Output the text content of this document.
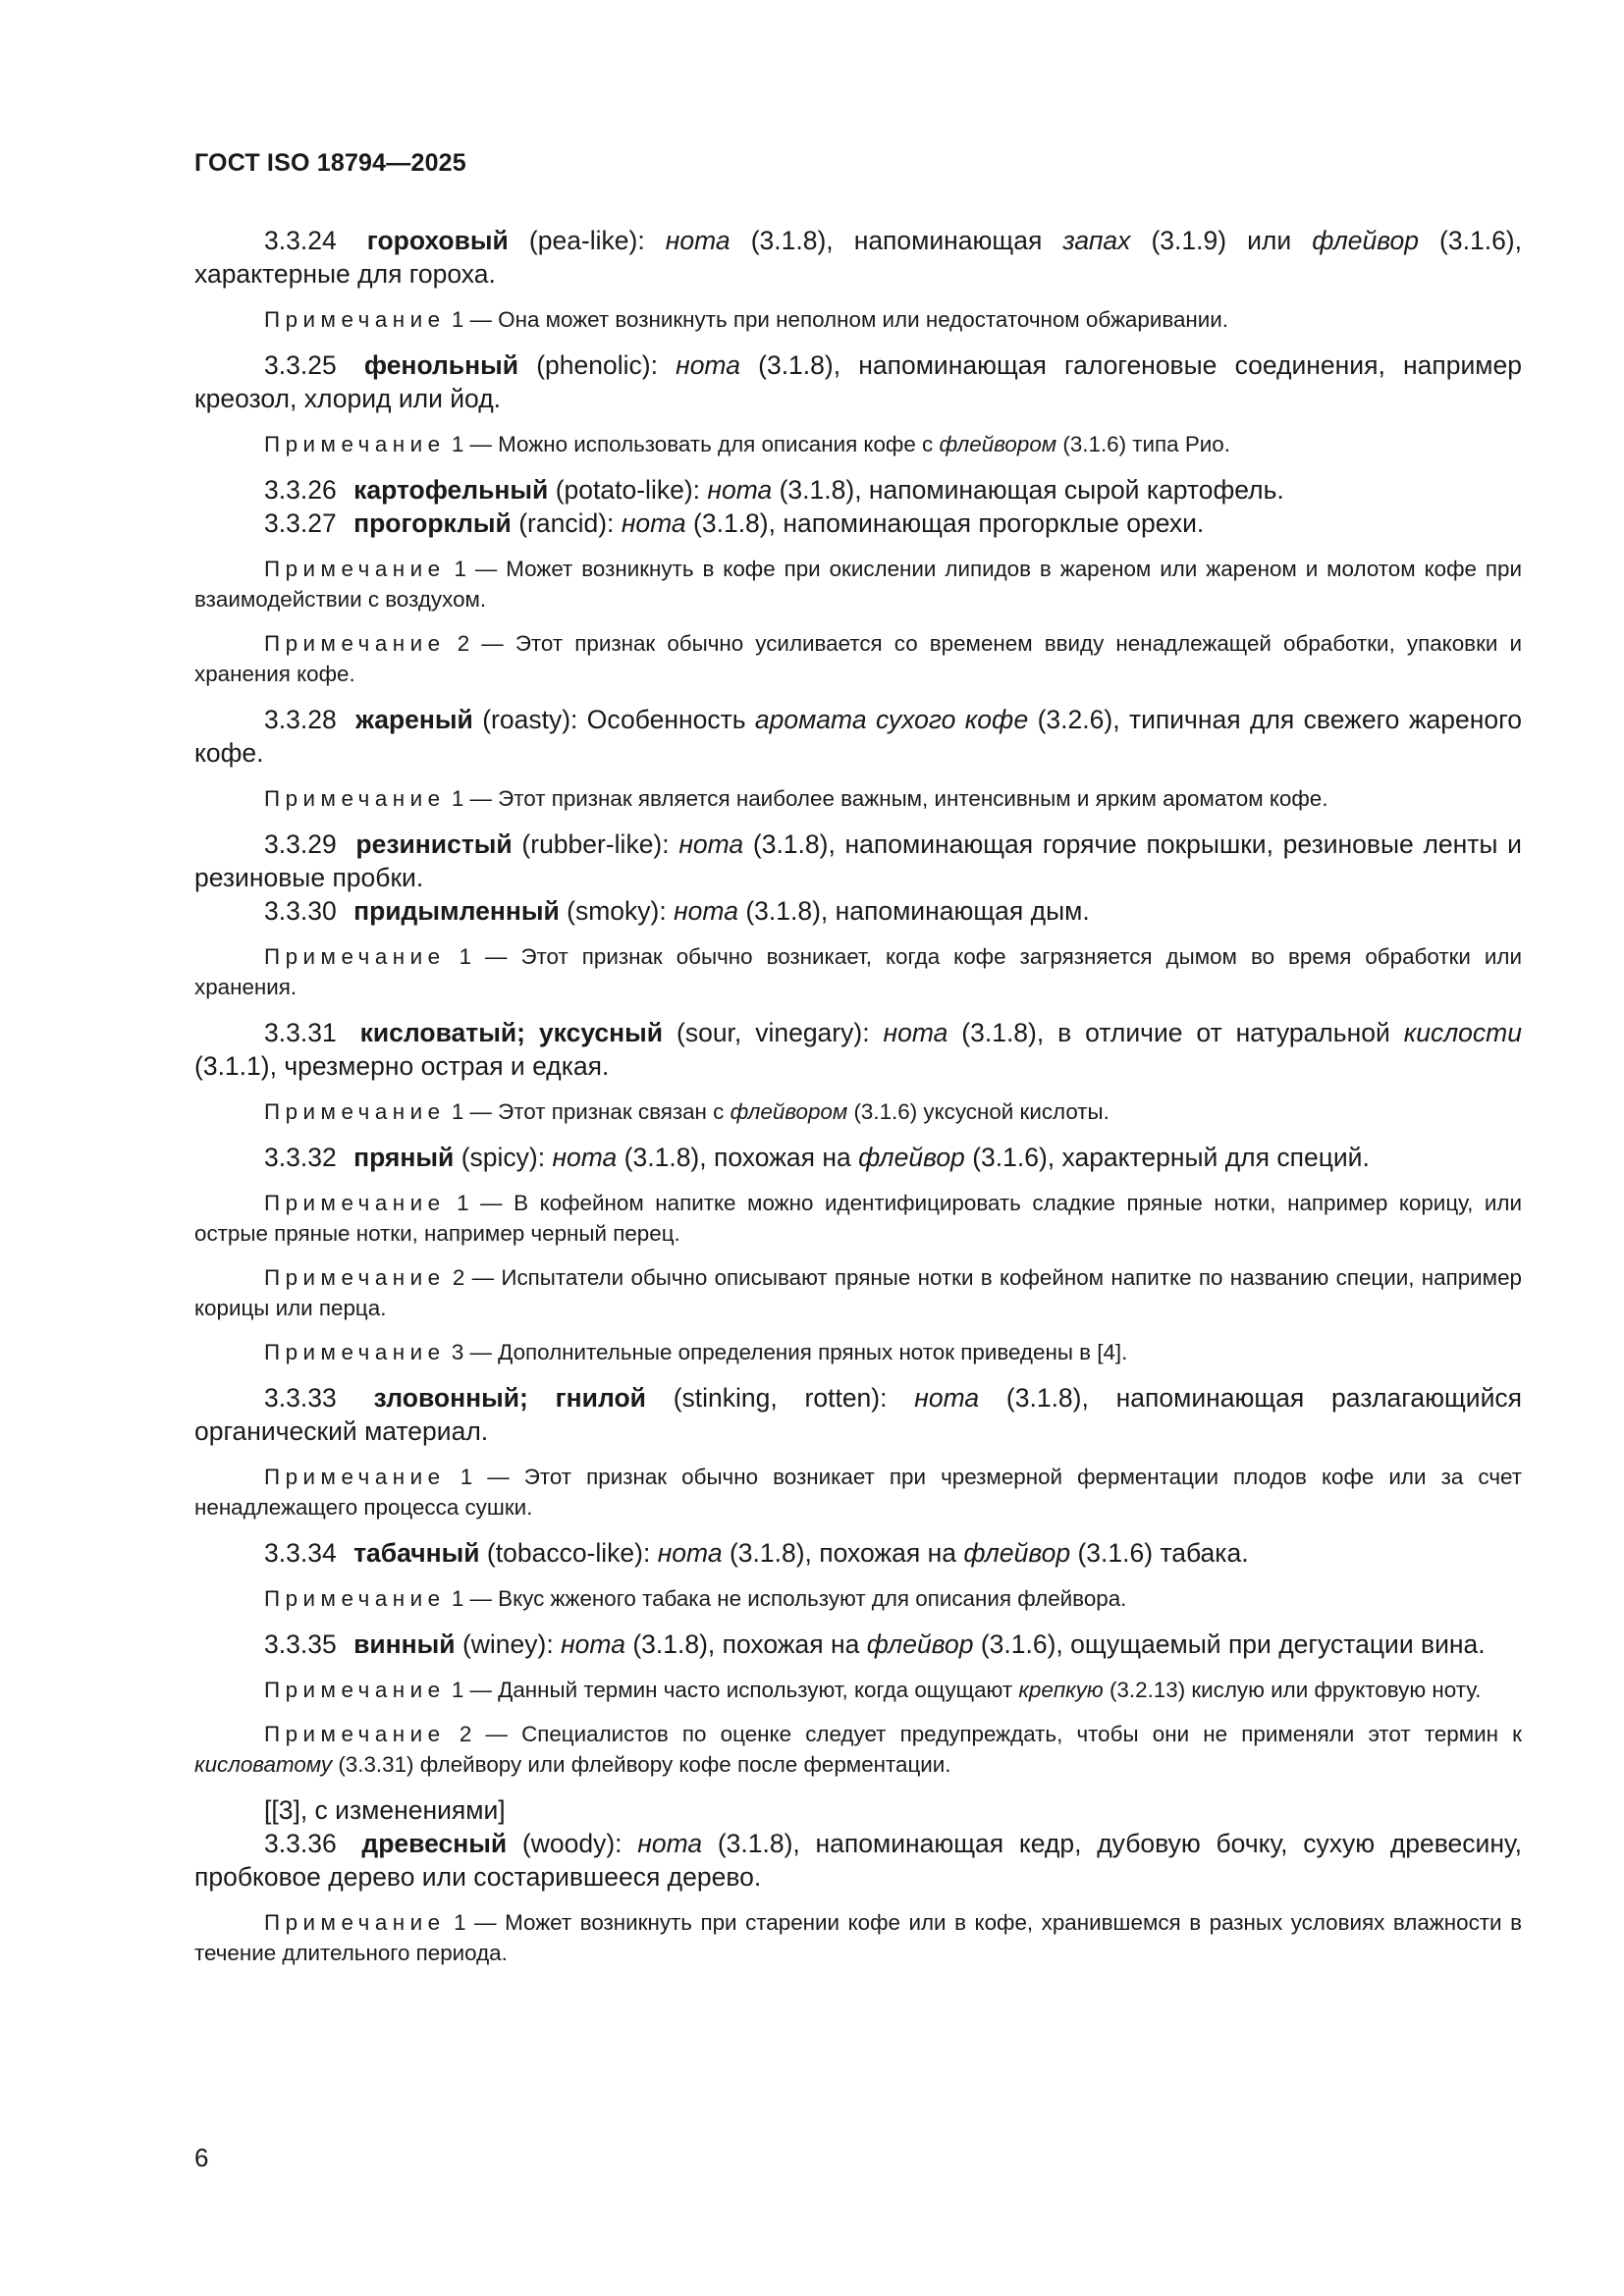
ГОСТ ISO 18794—2025

3.3.24 гороховый (pea-like): нота (3.1.8), напоминающая запах (3.1.9) или флейвор (3.1.6), характерные для гороха.

Примечание 1 — Она может возникнуть при неполном или недостаточном обжаривании.

3.3.25 фенольный (phenolic): нота (3.1.8), напоминающая галогеновые соединения, например креозол, хлорид или йод.

Примечание 1 — Можно использовать для описания кофе с флейвором (3.1.6) типа Рио.

3.3.26 картофельный (potato-like): нота (3.1.8), напоминающая сырой картофель.

3.3.27 прогорклый (rancid): нота (3.1.8), напоминающая прогорклые орехи.

Примечание 1 — Может возникнуть в кофе при окислении липидов в жареном или жареном и молотом кофе при взаимодействии с воздухом.

Примечание 2 — Этот признак обычно усиливается со временем ввиду ненадлежащей обработки, упаковки и хранения кофе.

3.3.28 жареный (roasty): Особенность аромата сухого кофе (3.2.6), типичная для свежего жареного кофе.

Примечание 1 — Этот признак является наиболее важным, интенсивным и ярким ароматом кофе.

3.3.29 резинистый (rubber-like): нота (3.1.8), напоминающая горячие покрышки, резиновые ленты и резиновые пробки.

3.3.30 придымленный (smoky): нота (3.1.8), напоминающая дым.

Примечание 1 — Этот признак обычно возникает, когда кофе загрязняется дымом во время обработки или хранения.

3.3.31 кисловатый; уксусный (sour, vinegary): нота (3.1.8), в отличие от натуральной кислости (3.1.1), чрезмерно острая и едкая.

Примечание 1 — Этот признак связан с флейвором (3.1.6) уксусной кислоты.

3.3.32 пряный (spicy): нота (3.1.8), похожая на флейвор (3.1.6), характерный для специй.

Примечание 1 — В кофейном напитке можно идентифицировать сладкие пряные нотки, например корицу, или острые пряные нотки, например черный перец.

Примечание 2 — Испытатели обычно описывают пряные нотки в кофейном напитке по названию специи, например корицы или перца.

Примечание 3 — Дополнительные определения пряных ноток приведены в [4].

3.3.33 зловонный; гнилой (stinking, rotten): нота (3.1.8), напоминающая разлагающийся органический материал.

Примечание 1 — Этот признак обычно возникает при чрезмерной ферментации плодов кофе или за счет ненадлежащего процесса сушки.

3.3.34 табачный (tobacco-like): нота (3.1.8), похожая на флейвор (3.1.6) табака.

Примечание 1 — Вкус жженого табака не используют для описания флейвора.

3.3.35 винный (winey): нота (3.1.8), похожая на флейвор (3.1.6), ощущаемый при дегустации вина.

Примечание 1 — Данный термин часто используют, когда ощущают крепкую (3.2.13) кислую или фруктовую ноту.

Примечание 2 — Специалистов по оценке следует предупреждать, чтобы они не применяли этот термин к кисловатому (3.3.31) флейвору или флейвору кофе после ферментации.

[[3], с изменениями]

3.3.36 древесный (woody): нота (3.1.8), напоминающая кедр, дубовую бочку, сухую древесину, пробковое дерево или состарившееся дерево.

Примечание 1 — Может возникнуть при старении кофе или в кофе, хранившемся в разных условиях влажности в течение длительного периода.

6
